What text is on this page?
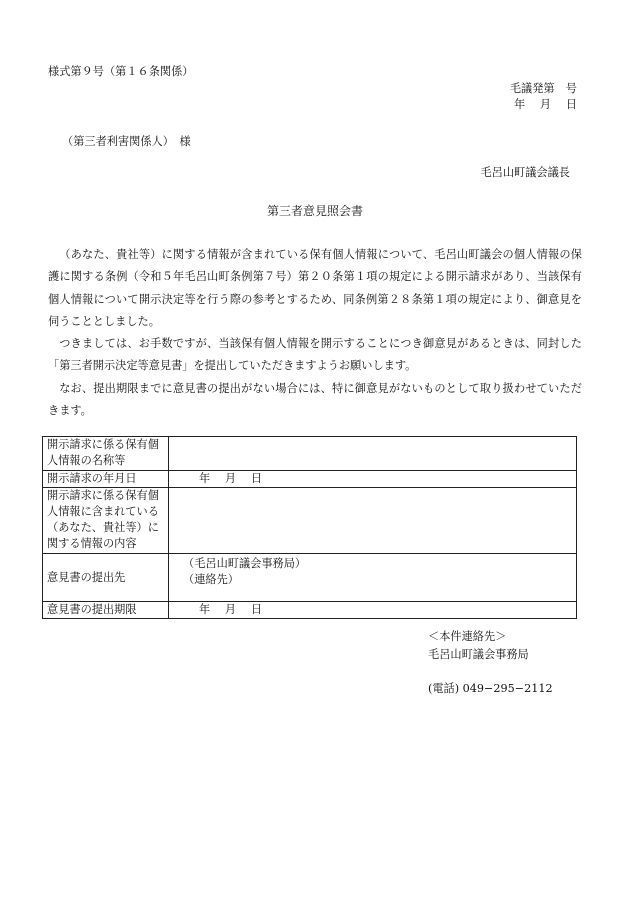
様式第９号（第１６条関係）
毛議発第　号
年　 月　 日
（第三者利害関係人）　様
毛呂山町議会議長
第三者意見照会書

（あなた、貴社等）に関する情報が含まれている保有個人情報について、毛呂山町議会の個人情報の保護に関する条例（令和５年毛呂山町条例第７号）第２０条第１項の規定による開示請求があり、当該保有個人情報について開示決定等を行う際の参考とするため、同条例第２８条第１項の規定により、御意見を伺うこととしました。

つきましては、お手数ですが、当該保有個人情報を開示することにつき御意見があるときは、同封した「第三者開示決定等意見書」を提出していただきますようお願いします。

なお、提出期限までに意見書の提出がない場合には、特に御意見がないものとして取り扱わせていただきます。

開示請求に係る保有個人情報の名称等	
開示請求の年月日	年　 月　 日
開示請求に係る保有個人情報に含まれている（あなた、貴社等）に関する情報の内容	
意見書の提出先	（毛呂山町議会事務局）
（連絡先）

意見書の提出期限	年　 月　 日
＜本件連絡先＞
毛呂山町議会事務局
(電話) 049−295−2112
